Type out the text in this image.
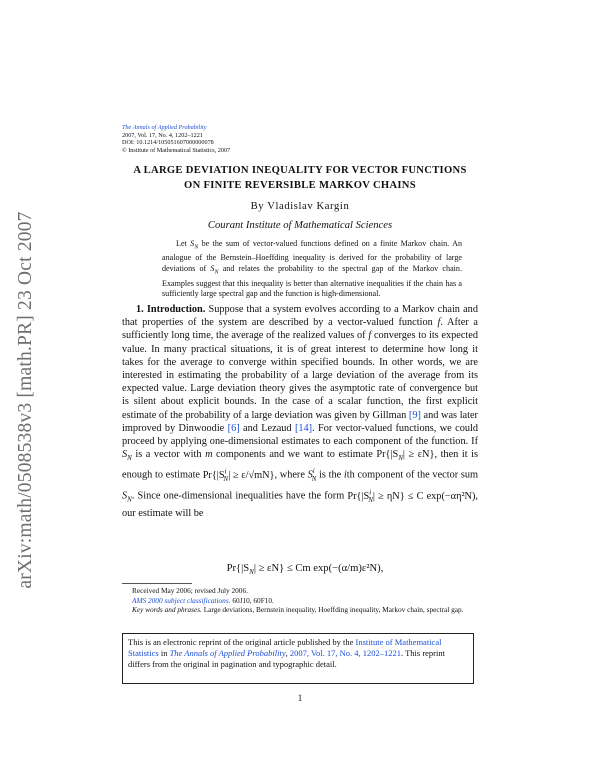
arXiv:math/0508538v3 [math.PR] 23 Oct 2007
The Annals of Applied Probability
2007, Vol. 17, No. 4, 1202–1221
DOI: 10.1214/105051607000000078
© Institute of Mathematical Statistics, 2007
A LARGE DEVIATION INEQUALITY FOR VECTOR FUNCTIONS
ON FINITE REVERSIBLE MARKOV CHAINS
By Vladislav Kargin
Courant Institute of Mathematical Sciences
Let $S_N$ be the sum of vector-valued functions defined on a finite Markov chain. An analogue of the Bernstein–Hoeffding inequality is derived for the probability of large deviations of $S_N$ and relates the probability to the spectral gap of the Markov chain. Examples suggest that this inequality is better than alternative inequalities if the chain has a sufficiently large spectral gap and the function is high-dimensional.
1. Introduction. Suppose that a system evolves according to a Markov chain and that properties of the system are described by a vector-valued function f. After a sufficiently long time, the average of the realized values of f converges to its expected value. In many practical situations, it is of great interest to determine how long it takes for the average to converge within specified bounds. In other words, we are interested in estimating the probability of a large deviation of the average from its expected value. Large deviation theory gives the asymptotic rate of convergence but is silent about explicit bounds. In the case of a scalar function, the first explicit estimate of the probability of a large deviation was given by Gillman [9] and was later improved by Dinwoodie [6] and Lezaud [14]. For vector-valued functions, we could proceed by applying one-dimensional estimates to each component of the function. If $S_N$ is a vector with m components and we want to estimate $Pr\{|S_N| \ge \varepsilon N\}$, then it is enough to estimate $Pr\{|S^i_N| \ge \varepsilon/√mN\}$, where $S^i_N$ is the ith component of the vector sum $S_N$. Since one-dimensional inequalities have the form $Pr\{|S^i_N| \ge \eta N\} \le C$ exp(−αη²N), our estimate will be
$Pr\{|S_N| \ge \varepsilon N\} \le Cm$ exp(−(α/m)ε²N),

Received May 2006; revised July 2006.

AMS 2000 subject classifications. 60J10, 60F10.

Key words and phrases. Large deviations, Bernstein inequality, Hoeffding inequality, Markov chain, spectral gap.

This is an electronic reprint of the original article published by the Institute of Mathematical Statistics in The Annals of Applied Probability, 2007, Vol. 17, No. 4, 1202–1221. This reprint differs from the original in pagination and typographic detail.
1
